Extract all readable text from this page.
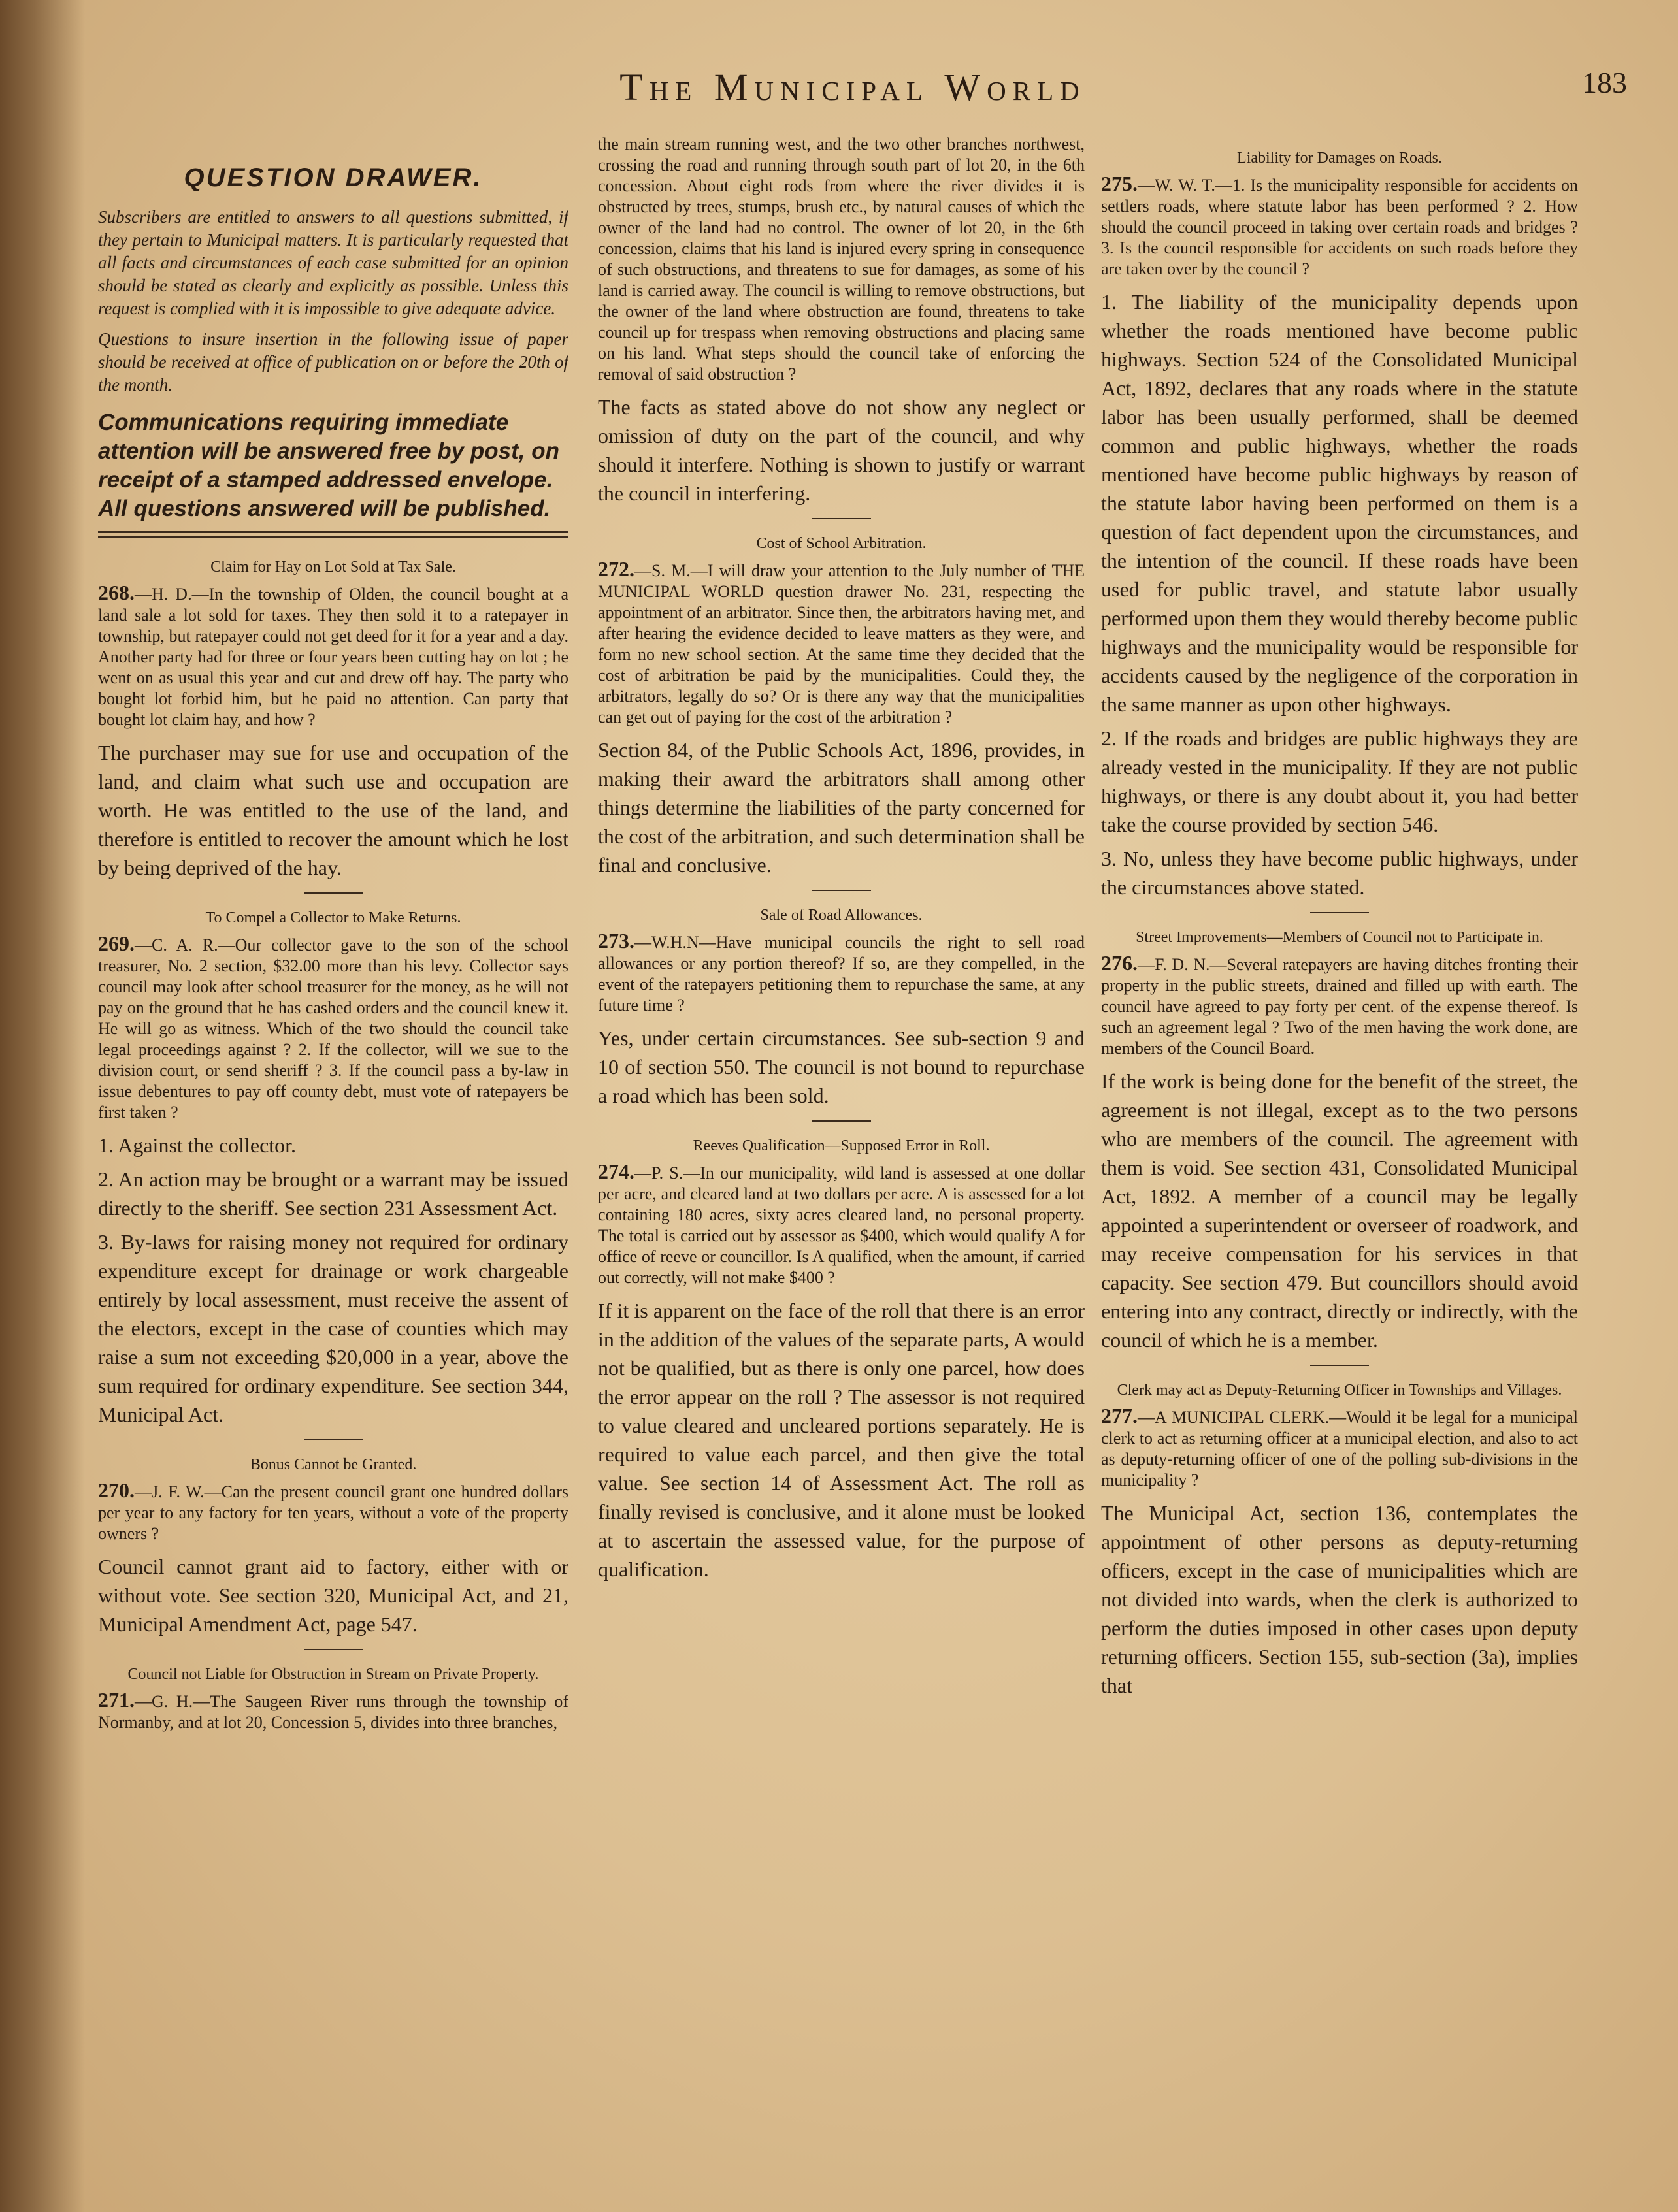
The Municipal World	183
QUESTION DRAWER.

Subscribers are entitled to answers to all questions submitted, if they pertain to Municipal matters. It is particularly requested that all facts and circumstances of each case submitted for an opinion should be stated as clearly and explicitly as possible. Unless this request is complied with it is impossible to give adequate advice.

Questions to insure insertion in the following issue of paper should be received at office of publication on or before the 20th of the month.

Communications requiring immediate attention will be answered free by post, on receipt of a stamped addressed envelope. All questions answered will be published.

Claim for Hay on Lot Sold at Tax Sale.

268.—H. D.—In the township of Olden, the council bought at a land sale a lot sold for taxes. They then sold it to a ratepayer in township, but ratepayer could not get deed for it for a year and a day. Another party had for three or four years been cutting hay on lot ; he went on as usual this year and cut and drew off hay. The party who bought lot forbid him, but he paid no attention. Can party that bought lot claim hay, and how ?

The purchaser may sue for use and occupation of the land, and claim what such use and occupation are worth. He was entitled to the use of the land, and therefore is entitled to recover the amount which he lost by being deprived of the hay.

To Compel a Collector to Make Returns.

269.—C. A. R.—Our collector gave to the son of the school treasurer, No. 2 section, $32.00 more than his levy. Collector says council may look after school treasurer for the money, as he will not pay on the ground that he has cashed orders and the council knew it. He will go as witness. Which of the two should the council take legal proceedings against ? 2. If the collector, will we sue to the division court, or send sheriff ? 3. If the council pass a by-law in issue debentures to pay off county debt, must vote of ratepayers be first taken ?

1. Against the collector.

2. An action may be brought or a warrant may be issued directly to the sheriff. See section 231 Assessment Act.

3. By-laws for raising money not required for ordinary expenditure except for drainage or work chargeable entirely by local assessment, must receive the assent of the electors, except in the case of counties which may raise a sum not exceeding $20,000 in a year, above the sum required for ordinary expenditure. See section 344, Municipal Act.

Bonus Cannot be Granted.

270.—J. F. W.—Can the present council grant one hundred dollars per year to any factory for ten years, without a vote of the property owners ?

Council cannot grant aid to factory, either with or without vote. See section 320, Municipal Act, and 21, Municipal Amendment Act, page 547.

Council not Liable for Obstruction in Stream on Private Property.

271.—G. H.—The Saugeen River runs through the township of Normanby, and at lot 20, Concession 5, divides into three branches,

the main stream running west, and the two other branches northwest, crossing the road and running through south part of lot 20, in the 6th concession. About eight rods from where the river divides it is obstructed by trees, stumps, brush etc., by natural causes of which the owner of the land had no control. The owner of lot 20, in the 6th concession, claims that his land is injured every spring in consequence of such obstructions, and threatens to sue for damages, as some of his land is carried away. The council is willing to remove obstructions, but the owner of the land where obstruction are found, threatens to take council up for trespass when removing obstructions and placing same on his land. What steps should the council take of enforcing the removal of said obstruction ?

The facts as stated above do not show any neglect or omission of duty on the part of the council, and why should it interfere. Nothing is shown to justify or warrant the council in interfering.

Cost of School Arbitration.

272.—S. M.—I will draw your attention to the July number of THE MUNICIPAL WORLD question drawer No. 231, respecting the appointment of an arbitrator. Since then, the arbitrators having met, and after hearing the evidence decided to leave matters as they were, and form no new school section. At the same time they decided that the cost of arbitration be paid by the municipalities. Could they, the arbitrators, legally do so? Or is there any way that the municipalities can get out of paying for the cost of the arbitration ?

Section 84, of the Public Schools Act, 1896, provides, in making their award the arbitrators shall among other things determine the liabilities of the party concerned for the cost of the arbitration, and such determination shall be final and conclusive.

Sale of Road Allowances.

273.—W.H.N—Have municipal councils the right to sell road allowances or any portion thereof? If so, are they compelled, in the event of the ratepayers petitioning them to repurchase the same, at any future time ?

Yes, under certain circumstances. See sub-section 9 and 10 of section 550. The council is not bound to repurchase a road which has been sold.

Reeves Qualification—Supposed Error in Roll.

274.—P. S.—In our municipality, wild land is assessed at one dollar per acre, and cleared land at two dollars per acre. A is assessed for a lot containing 180 acres, sixty acres cleared land, no personal property. The total is carried out by assessor as $400, which would qualify A for office of reeve or councillor. Is A qualified, when the amount, if carried out correctly, will not make $400 ?

If it is apparent on the face of the roll that there is an error in the addition of the values of the separate parts, A would not be qualified, but as there is only one parcel, how does the error appear on the roll ? The assessor is not required to value cleared and uncleared portions separately. He is required to value each parcel, and then give the total value. See section 14 of Assessment Act. The roll as finally revised is conclusive, and it alone must be looked at to ascertain the assessed value, for the purpose of qualification.

Liability for Damages on Roads.

275.—W. W. T.—1. Is the municipality responsible for accidents on settlers roads, where statute labor has been performed ? 2. How should the council proceed in taking over certain roads and bridges ? 3. Is the council responsible for accidents on such roads before they are taken over by the council ?

1. The liability of the municipality depends upon whether the roads mentioned have become public highways. Section 524 of the Consolidated Municipal Act, 1892, declares that any roads where in the statute labor has been usually performed, shall be deemed common and public highways, whether the roads mentioned have become public highways by reason of the statute labor having been performed on them is a question of fact dependent upon the circumstances, and the intention of the council. If these roads have been used for public travel, and statute labor usually performed upon them they would thereby become public highways and the municipality would be responsible for accidents caused by the negligence of the corporation in the same manner as upon other highways.

2. If the roads and bridges are public highways they are already vested in the municipality. If they are not public highways, or there is any doubt about it, you had better take the course provided by section 546.

3. No, unless they have become public highways, under the circumstances above stated.

Street Improvements—Members of Council not to Participate in.

276.—F. D. N.—Several ratepayers are having ditches fronting their property in the public streets, drained and filled up with earth. The council have agreed to pay forty per cent. of the expense thereof. Is such an agreement legal ? Two of the men having the work done, are members of the Council Board.

If the work is being done for the benefit of the street, the agreement is not illegal, except as to the two persons who are members of the council. The agreement with them is void. See section 431, Consolidated Municipal Act, 1892. A member of a council may be legally appointed a superintendent or overseer of roadwork, and may receive compensation for his services in that capacity. See section 479. But councillors should avoid entering into any contract, directly or indirectly, with the council of which he is a member.

Clerk may act as Deputy-Returning Officer in Townships and Villages.

277.—A MUNICIPAL CLERK.—Would it be legal for a municipal clerk to act as returning officer at a municipal election, and also to act as deputy-returning officer of one of the polling sub-divisions in the municipality ?

The Municipal Act, section 136, contemplates the appointment of other persons as deputy-returning officers, except in the case of municipalities which are not divided into wards, when the clerk is authorized to perform the duties imposed in other cases upon deputy returning officers. Section 155, sub-section (3a), implies that
